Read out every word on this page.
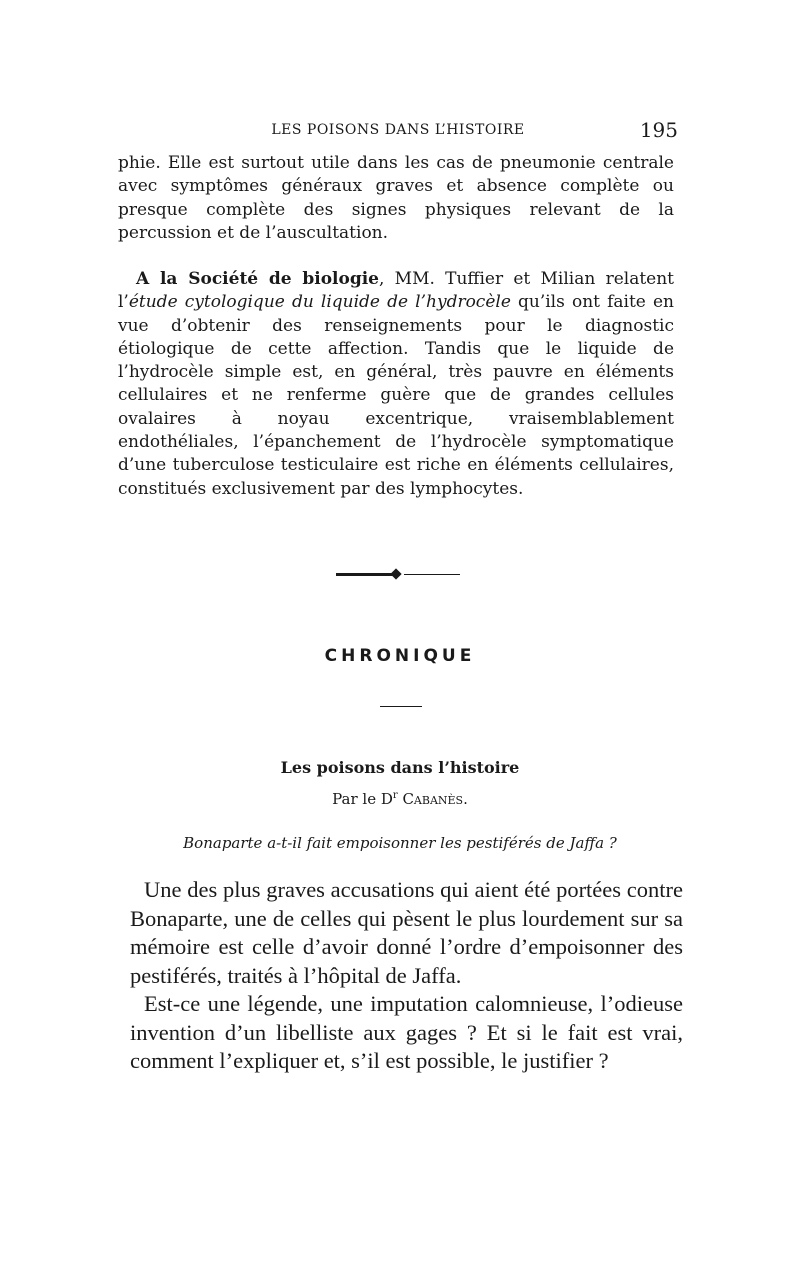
LES POISONS DANS L’HISTOIRE	195

phie. Elle est surtout utile dans les cas de pneumonie centrale avec symptômes généraux graves et absence complète ou presque complète des signes physiques relevant de la percussion et de l’auscultation.

A la Société de biologie, MM. Tuffier et Milian relatent l’étude cytologique du liquide de l’hydrocèle qu’ils ont faite en vue d’obtenir des renseignements pour le diagnostic étiologique de cette affection. Tandis que le liquide de l’hydrocèle simple est, en général, très pauvre en éléments cellulaires et ne renferme guère que de grandes cellules ovalaires à noyau excentrique, vraisemblablement endothéliales, l’épanchement de l’hydrocèle symptomatique d’une tuberculose testiculaire est riche en éléments cellulaires, constitués exclusivement par des lymphocytes.

CHRONIQUE
Les poisons dans l’histoire
Par le $D^r$ Cabanès.
Bonaparte a-t-il fait empoisonner les pestiférés de Jaffa ?

Une des plus graves accusations qui aient été portées contre Bonaparte, une de celles qui pèsent le plus lourdement sur sa mémoire est celle d’avoir donné l’ordre d’empoisonner des pestiférés, traités à l’hôpital de Jaffa.

Est-ce une légende, une imputation calomnieuse, l’odieuse invention d’un libelliste aux gages ? Et si le fait est vrai, comment l’expliquer et, s’il est possible, le justifier ?
